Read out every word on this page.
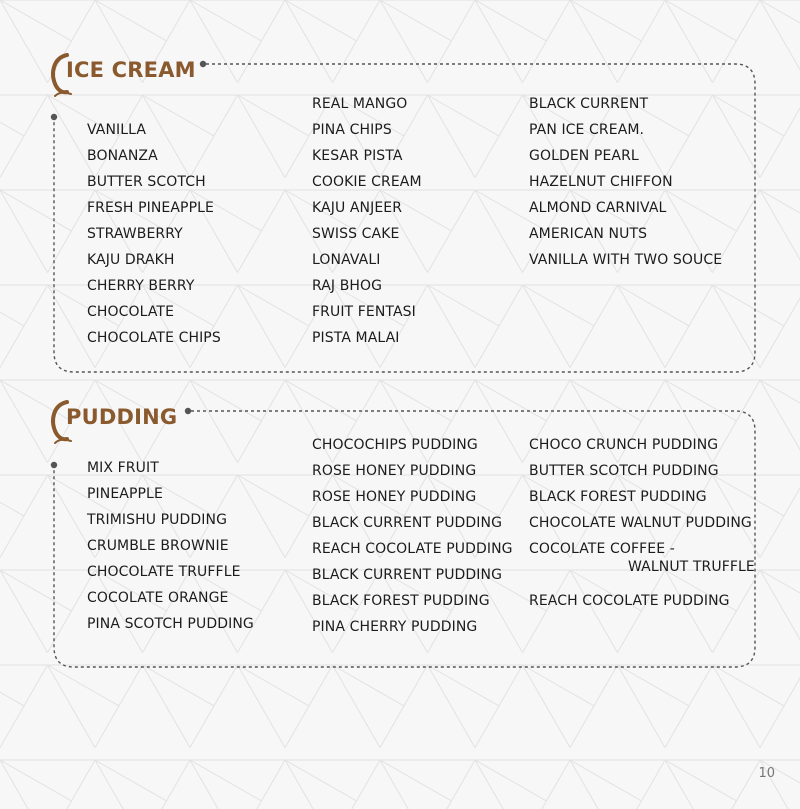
ICE CREAM
VANILLA
BONANZA
BUTTER SCOTCH
FRESH PINEAPPLE
STRAWBERRY
KAJU DRAKH
CHERRY BERRY
CHOCOLATE
CHOCOLATE CHIPS
REAL MANGO
PINA CHIPS
KESAR PISTA
COOKIE CREAM
KAJU ANJEER
SWISS CAKE
LONAVALI
RAJ BHOG
FRUIT FENTASI
PISTA MALAI
BLACK CURRENT
PAN ICE CREAM.
GOLDEN PEARL
HAZELNUT CHIFFON
ALMOND CARNIVAL
AMERICAN NUTS
VANILLA WITH TWO SOUCE
PUDDING
MIX FRUIT
PINEAPPLE
TRIMISHU PUDDING
CRUMBLE BROWNIE
CHOCOLATE TRUFFLE
COCOLATE ORANGE
PINA SCOTCH PUDDING
CHOCOCHIPS PUDDING
ROSE HONEY PUDDING
ROSE HONEY PUDDING
BLACK CURRENT PUDDING
REACH COCOLATE PUDDING
BLACK CURRENT PUDDING
BLACK FOREST PUDDING
PINA CHERRY PUDDING
CHOCO CRUNCH PUDDING
BUTTER SCOTCH PUDDING
BLACK FOREST PUDDING
CHOCOLATE WALNUT PUDDING
COCOLATE COFFEE -
WALNUT TRUFFLE
REACH COCOLATE PUDDING
10
